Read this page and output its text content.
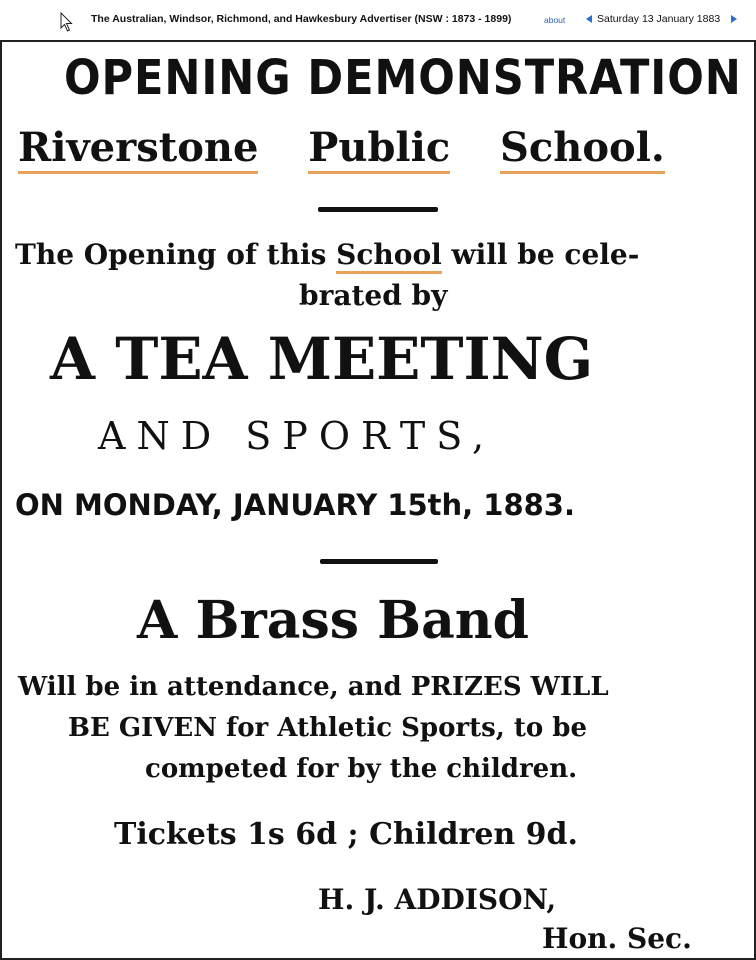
The Australian, Windsor, Richmond, and Hawkesbury Advertiser (NSW : 1873 - 1899)	about	Saturday 13 January 1883
OPENING DEMONSTRATION
Riverstone Public School.
The Opening of this School will be cele-
brated by
A TEA MEETING
AND SPORTS,
ON MONDAY, JANUARY 15th, 1883.
A Brass Band
Will be in attendance, and PRIZES WILL
BE GIVEN for Athletic Sports, to be
competed for by the children.
Tickets 1s 6d ; Children 9d.
H. J. ADDISON,
Hon. Sec.
